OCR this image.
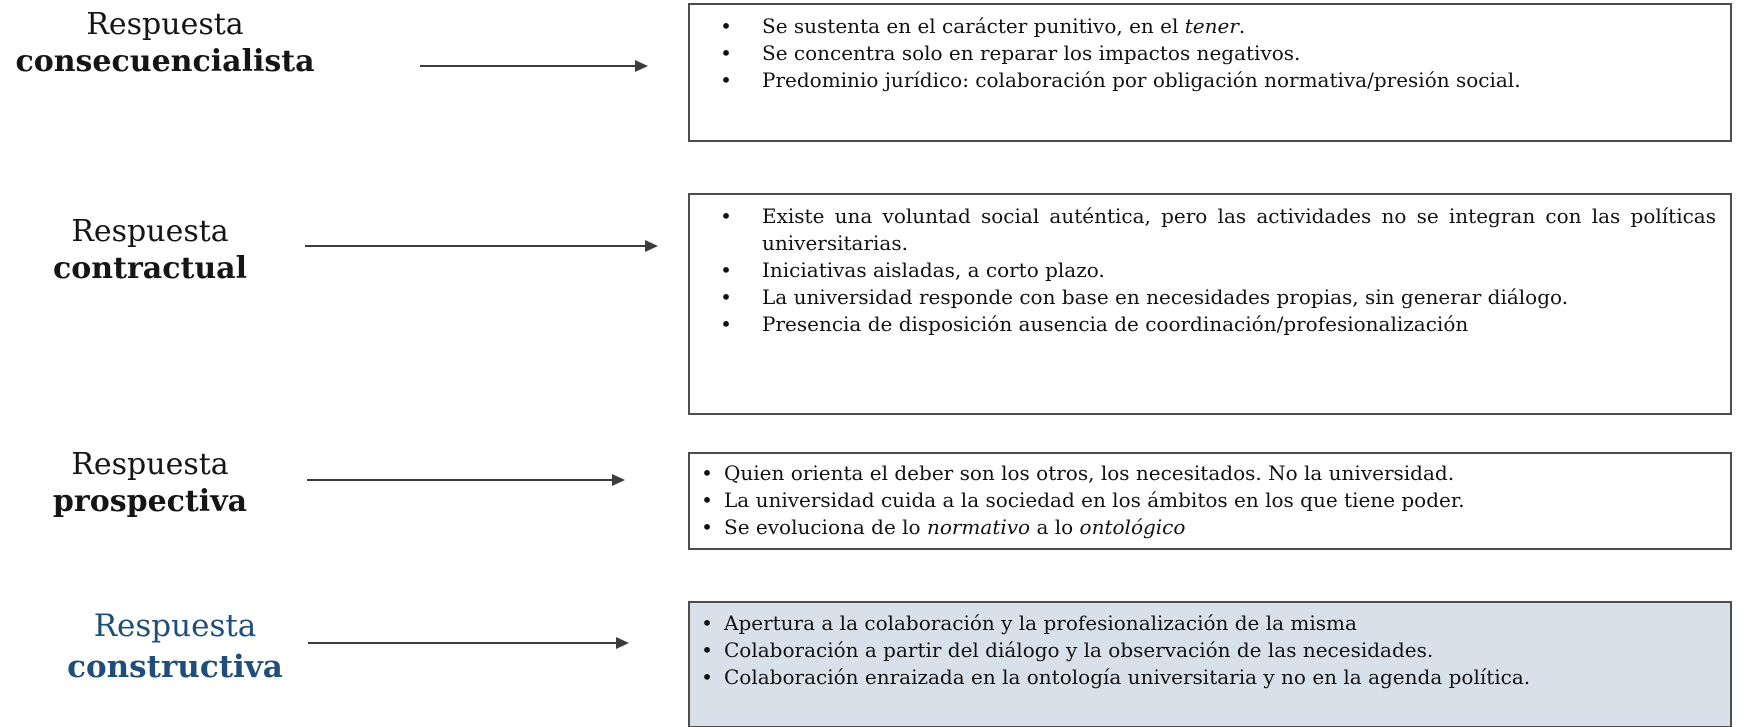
Respuesta
consecuencialista
• Se sustenta en el carácter punitivo, en el tener.
• Se concentra solo en reparar los impactos negativos.
• Predominio jurídico: colaboración por obligación normativa/presión social.
Respuesta
contractual
• Existe una voluntad social auténtica, pero las actividades no se integran con las políticas universitarias.
• Iniciativas aisladas, a corto plazo.
• La universidad responde con base en necesidades propias, sin generar diálogo.
• Presencia de disposición ausencia de coordinación/profesionalización
Respuesta
prospectiva
• Quien orienta el deber son los otros, los necesitados. No la universidad.
• La universidad cuida a la sociedad en los ámbitos en los que tiene poder.
• Se evoluciona de lo normativo a lo ontológico
Respuesta
constructiva
• Apertura a la colaboración y la profesionalización de la misma
• Colaboración a partir del diálogo y la observación de las necesidades.
• Colaboración enraizada en la ontología universitaria y no en la agenda política.
